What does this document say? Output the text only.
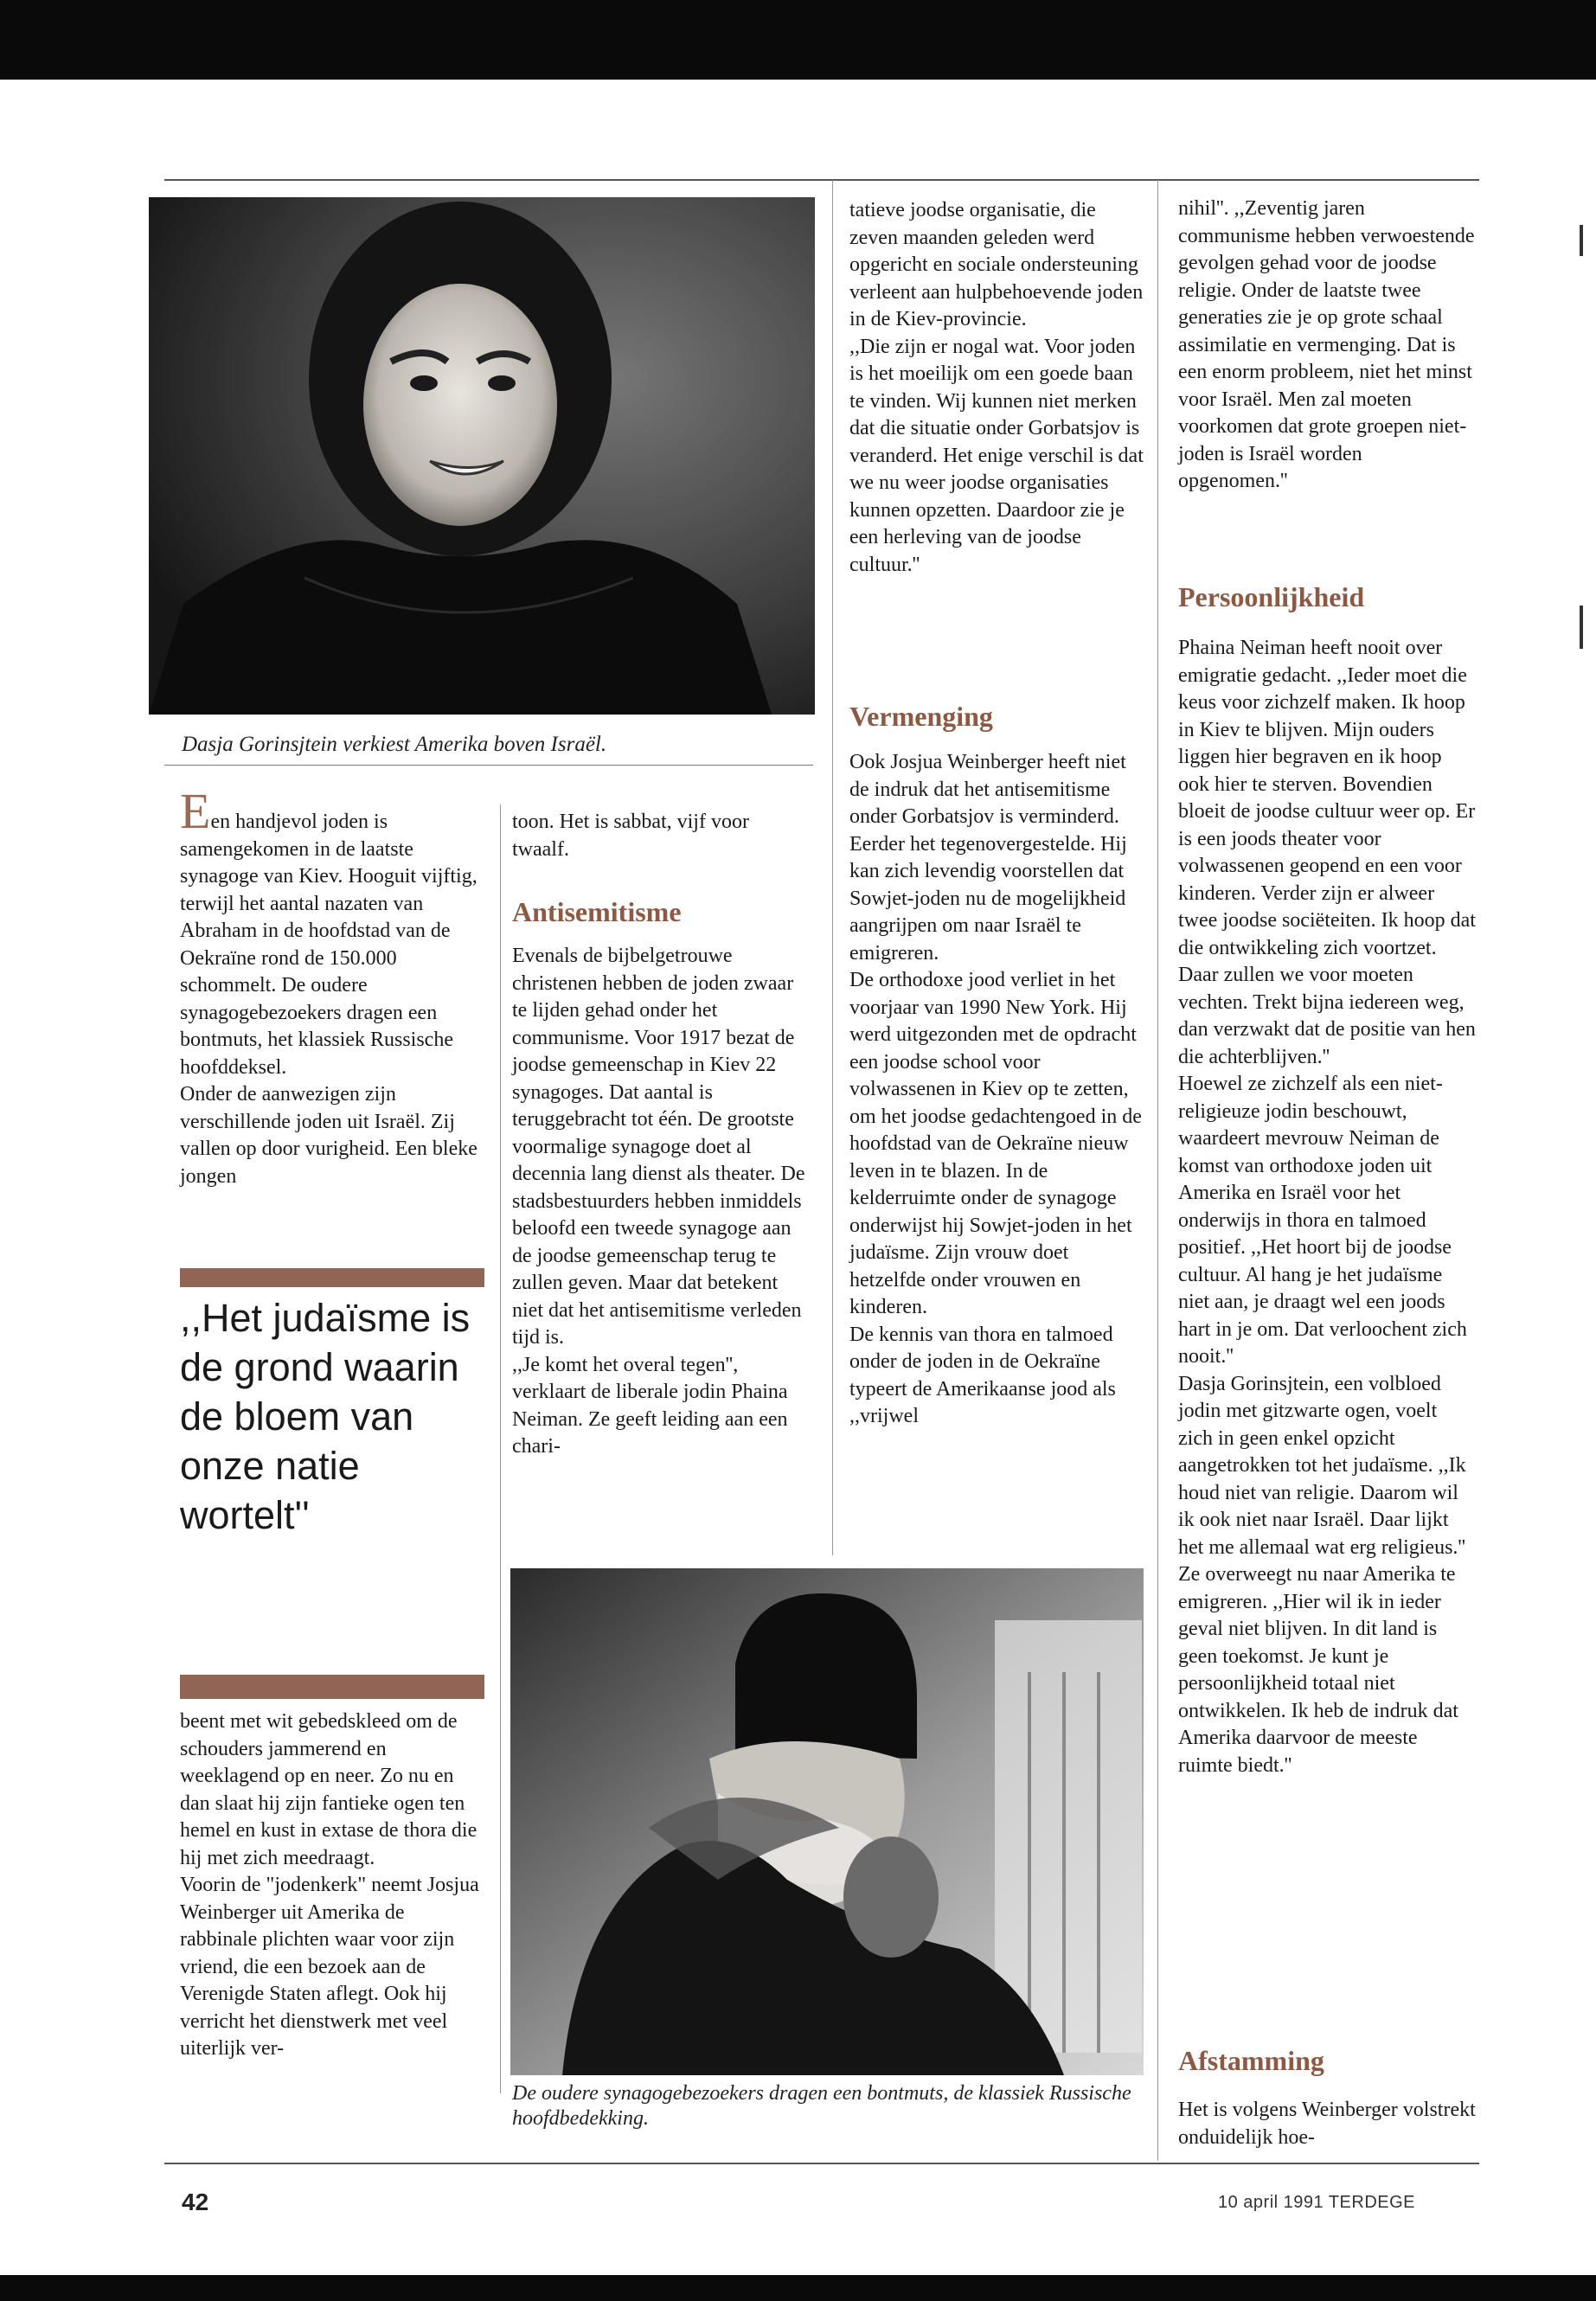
Dasja Gorinsjtein verkiest Amerika boven Israël.

Een handjevol joden is samengekomen in de laatste synagoge van Kiev. Hooguit vijftig, terwijl het aantal nazaten van Abraham in de hoofdstad van de Oekraïne rond de 150.000 schommelt. De oudere synagogebezoekers dragen een bontmuts, het klassiek Russische hoofddeksel.

Onder de aanwezigen zijn verschillende joden uit Israël. Zij vallen op door vurigheid. Een bleke jongen

,,Het judaïsme is de grond waarin de bloem van onze natie wortelt''

beent met wit gebedskleed om de schouders jammerend en weeklagend op en neer. Zo nu en dan slaat hij zijn fantieke ogen ten hemel en kust in extase de thora die hij met zich meedraagt.

Voorin de "jodenkerk" neemt Josjua Weinberger uit Amerika de rabbinale plichten waar voor zijn vriend, die een bezoek aan de Verenigde Staten aflegt. Ook hij verricht het dienstwerk met veel uiterlijk ver-

toon. Het is sabbat, vijf voor twaalf.

Antisemitisme

Evenals de bijbelgetrouwe christenen hebben de joden zwaar te lijden gehad onder het communisme. Voor 1917 bezat de joodse gemeenschap in Kiev 22 synagoges. Dat aantal is teruggebracht tot één. De grootste voormalige synagoge doet al decennia lang dienst als theater. De stadsbestuurders hebben inmiddels beloofd een tweede synagoge aan de joodse gemeenschap terug te zullen geven. Maar dat betekent niet dat het antisemitisme verleden tijd is.

,,Je komt het overal tegen'', verklaart de liberale jodin Phaina Neiman. Ze geeft leiding aan een chari-

tatieve joodse organisatie, die zeven maanden geleden werd opgericht en sociale ondersteuning verleent aan hulpbehoevende joden in de Kiev-provincie.

,,Die zijn er nogal wat. Voor joden is het moeilijk om een goede baan te vinden. Wij kunnen niet merken dat die situatie onder Gorbatsjov is veranderd. Het enige verschil is dat we nu weer joodse organisaties kunnen opzetten. Daardoor zie je een herleving van de joodse cultuur.''

Vermenging

Ook Josjua Weinberger heeft niet de indruk dat het antisemitisme onder Gorbatsjov is verminderd. Eerder het tegenovergestelde. Hij kan zich levendig voorstellen dat Sowjet-joden nu de mogelijkheid aangrijpen om naar Israël te emigreren.

De orthodoxe jood verliet in het voorjaar van 1990 New York. Hij werd uitgezonden met de opdracht een joodse school voor volwassenen in Kiev op te zetten, om het joodse gedachtengoed in de hoofdstad van de Oekraïne nieuw leven in te blazen. In de kelderruimte onder de synagoge onderwijst hij Sowjet-joden in het judaïsme. Zijn vrouw doet hetzelfde onder vrouwen en kinderen.

De kennis van thora en talmoed onder de joden in de Oekraïne typeert de Amerikaanse jood als ,,vrijwel

nihil''. ,,Zeventig jaren communisme hebben verwoestende gevolgen gehad voor de joodse religie. Onder de laatste twee generaties zie je op grote schaal assimilatie en vermenging. Dat is een enorm probleem, niet het minst voor Israël. Men zal moeten voorkomen dat grote groepen niet-joden is Israël worden opgenomen.''

Persoonlijkheid

Phaina Neiman heeft nooit over emigratie gedacht. ,,Ieder moet die keus voor zichzelf maken. Ik hoop in Kiev te blijven. Mijn ouders liggen hier begraven en ik hoop ook hier te sterven. Bovendien bloeit de joodse cultuur weer op. Er is een joods theater voor volwassenen geopend en een voor kinderen. Verder zijn er alweer twee joodse sociëteiten. Ik hoop dat die ontwikkeling zich voortzet. Daar zullen we voor moeten vechten. Trekt bijna iedereen weg, dan verzwakt dat de positie van hen die achterblijven.''

Hoewel ze zichzelf als een niet-religieuze jodin beschouwt, waardeert mevrouw Neiman de komst van orthodoxe joden uit Amerika en Israël voor het onderwijs in thora en talmoed positief. ,,Het hoort bij de joodse cultuur. Al hang je het judaïsme niet aan, je draagt wel een joods hart in je om. Dat verloochent zich nooit.''

Dasja Gorinsjtein, een volbloed jodin met gitzwarte ogen, voelt zich in geen enkel opzicht aangetrokken tot het judaïsme. ,,Ik houd niet van religie. Daarom wil ik ook niet naar Israël. Daar lijkt het me allemaal wat erg religieus.'' Ze overweegt nu naar Amerika te emigreren. ,,Hier wil ik in ieder geval niet blijven. In dit land is geen toekomst. Je kunt je persoonlijkheid totaal niet ontwikkelen. Ik heb de indruk dat Amerika daarvoor de meeste ruimte biedt.''

Afstamming

Het is volgens Weinberger volstrekt onduidelijk hoe-

De oudere synagogebezoekers dragen een bontmuts, de klassiek Russische hoofdbedekking.
42	10 april 1991 TERDEGE
